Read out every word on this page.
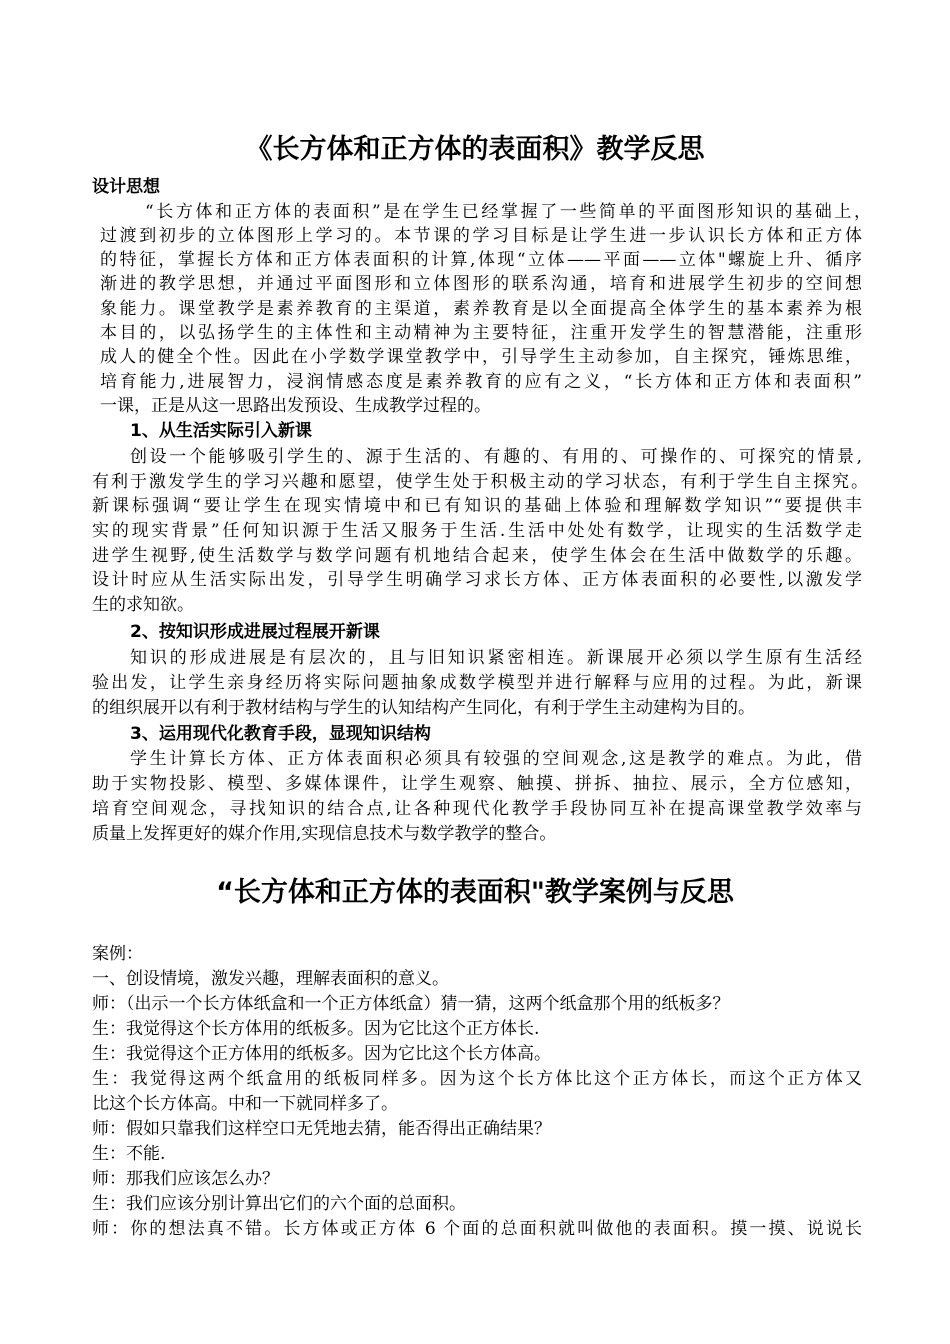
《长方体和正方体的表面积》教学反思
设计思想
“长方体和正方体的表面积”是在学生已经掌握了一些简单的平面图形知识的基础上，
过渡到初步的立体图形上学习的。本节课的学习目标是让学生进一步认识长方体和正方体
的特征，掌握长方体和正方体表面积的计算,体现“立体——平面——立体"螺旋上升、循序
渐进的教学思想，并通过平面图形和立体图形的联系沟通，培育和进展学生初步的空间想
象能力。课堂教学是素养教育的主渠道，素养教育是以全面提高全体学生的基本素养为根
本目的，以弘扬学生的主体性和主动精神为主要特征，注重开发学生的智慧潜能，注重形
成人的健全个性。因此在小学数学课堂教学中，引导学生主动参加，自主探究，锤炼思维，
培育能力,进展智力，浸润情感态度是素养教育的应有之义，“长方体和正方体和表面积”
一课，正是从这一思路出发预设、生成教学过程的。
1、从生活实际引入新课
创设一个能够吸引学生的、源于生活的、有趣的、有用的、可操作的、可探究的情景,
有利于激发学生的学习兴趣和愿望，使学生处于积极主动的学习状态，有利于学生自主探究。
新课标强调“要让学生在现实情境中和已有知识的基础上体验和理解数学知识”“要提供丰
实的现实背景”任何知识源于生活又服务于生活.生活中处处有数学，让现实的生活数学走
进学生视野,使生活数学与数学问题有机地结合起来，使学生体会在生活中做数学的乐趣。
设计时应从生活实际出发，引导学生明确学习求长方体、正方体表面积的必要性,以激发学
生的求知欲。
2、按知识形成进展过程展开新课
知识的形成进展是有层次的，且与旧知识紧密相连。新课展开必须以学生原有生活经
验出发，让学生亲身经历将实际问题抽象成数学模型并进行解释与应用的过程。为此，新课
的组织展开以有利于教材结构与学生的认知结构产生同化，有利于学生主动建构为目的。
3、运用现代化教育手段，显现知识结构
学生计算长方体、正方体表面积必须具有较强的空间观念,这是教学的难点。为此，借
助于实物投影、模型、多媒体课件，让学生观察、触摸、拼拆、抽拉、展示，全方位感知，
培育空间观念，寻找知识的结合点,让各种现代化教学手段协同互补在提高课堂教学效率与
质量上发挥更好的媒介作用,实现信息技术与数学教学的整合。
“长方体和正方体的表面积"教学案例与反思
案例：
一、创设情境，激发兴趣，理解表面积的意义。
师：（出示一个长方体纸盒和一个正方体纸盒）猜一猜，这两个纸盒那个用的纸板多？
生：我觉得这个长方体用的纸板多。因为它比这个正方体长.
生：我觉得这个正方体用的纸板多。因为它比这个长方体高。
生：我觉得这两个纸盒用的纸板同样多。因为这个长方体比这个正方体长，而这个正方体又
比这个长方体高。中和一下就同样多了。
师：假如只靠我们这样空口无凭地去猜，能否得出正确结果？
生：不能.
师：那我们应该怎么办？
生：我们应该分别计算出它们的六个面的总面积。
师：你的想法真不错。长方体或正方体 6 个面的总面积就叫做他的表面积。摸一摸、说说长
